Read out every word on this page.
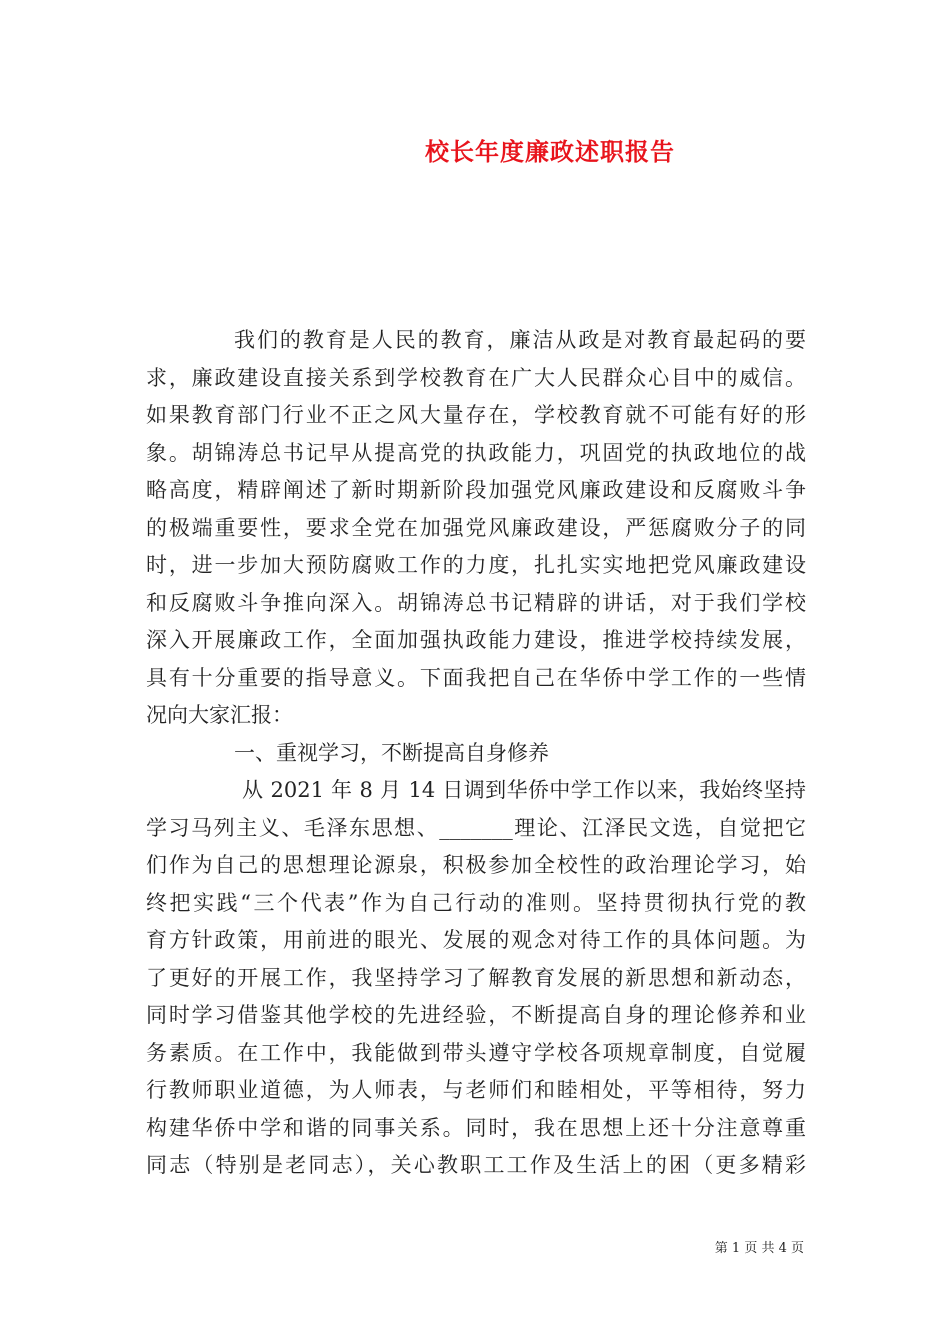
校长年度廉政述职报告
我们的教育是人民的教育，廉洁从政是对教育最起码的要
求，廉政建设直接关系到学校教育在广大人民群众心目中的威信。
如果教育部门行业不正之风大量存在，学校教育就不可能有好的形
象。胡锦涛总书记早从提高党的执政能力，巩固党的执政地位的战
略高度，精辟阐述了新时期新阶段加强党风廉政建设和反腐败斗争
的极端重要性，要求全党在加强党风廉政建设，严惩腐败分子的同
时，进一步加大预防腐败工作的力度，扎扎实实地把党风廉政建设
和反腐败斗争推向深入。胡锦涛总书记精辟的讲话，对于我们学校
深入开展廉政工作，全面加强执政能力建设，推进学校持续发展，
具有十分重要的指导意义。下面我把自己在华侨中学工作的一些情
况向大家汇报：
一、重视学习，不断提高自身修养
从 2021 年 8 月 14 日调到华侨中学工作以来，我始终坚持
学习马列主义、毛泽东思想、_______理论、江泽民文选，自觉把它
们作为自己的思想理论源泉，积极参加全校性的政治理论学习，始
终把实践“三个代表”作为自己行动的准则。坚持贯彻执行党的教
育方针政策，用前进的眼光、发展的观念对待工作的具体问题。为
了更好的开展工作，我坚持学习了解教育发展的新思想和新动态，
同时学习借鉴其他学校的先进经验，不断提高自身的理论修养和业
务素质。在工作中，我能做到带头遵守学校各项规章制度，自觉履
行教师职业道德，为人师表，与老师们和睦相处，平等相待，努力
构建华侨中学和谐的同事关系。同时，我在思想上还十分注意尊重
同志（特别是老同志），关心教职工工作及生活上的困（更多精彩
第 1 页 共 4 页
